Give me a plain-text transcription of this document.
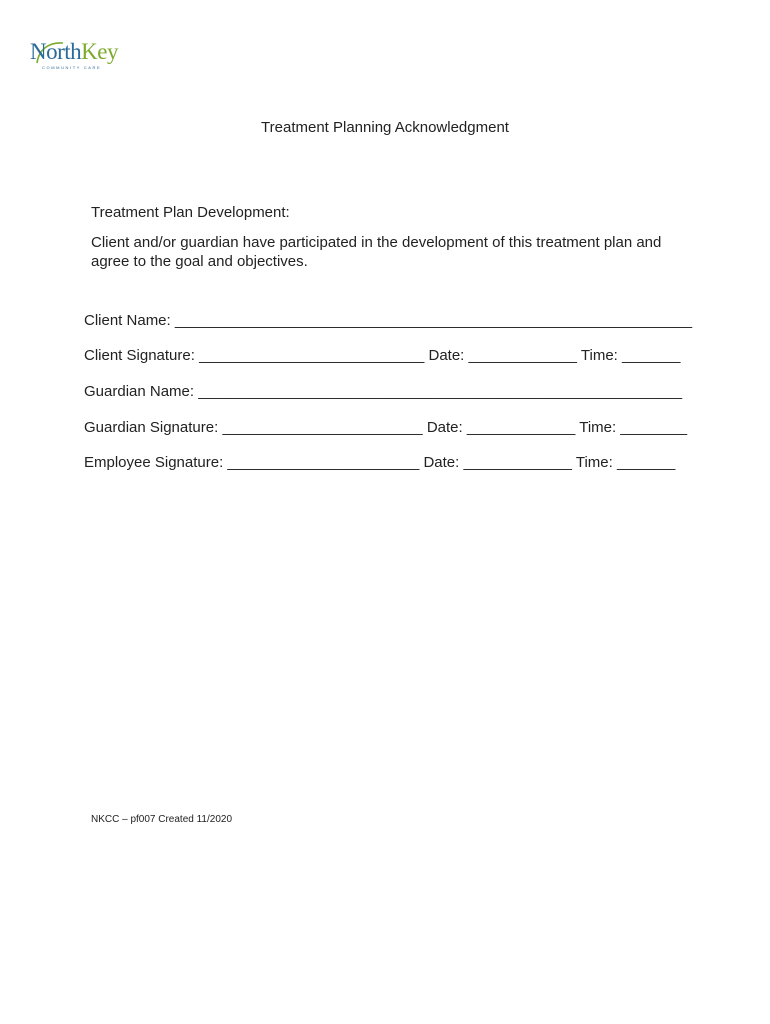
NorthKey
COMMUNITY CARE
Treatment Planning Acknowledgment
Treatment Plan Development:
Client and/or guardian have participated in the development of this treatment plan and agree to the goal and objectives.
Client Name: ______________________________________________________________
Client Signature: ___________________________ Date: _____________ Time: _______
Guardian Name: __________________________________________________________
Guardian Signature: ________________________ Date: _____________ Time: ________
Employee Signature: _______________________ Date: _____________ Time: _______
NKCC – pf007 Created 11/2020
